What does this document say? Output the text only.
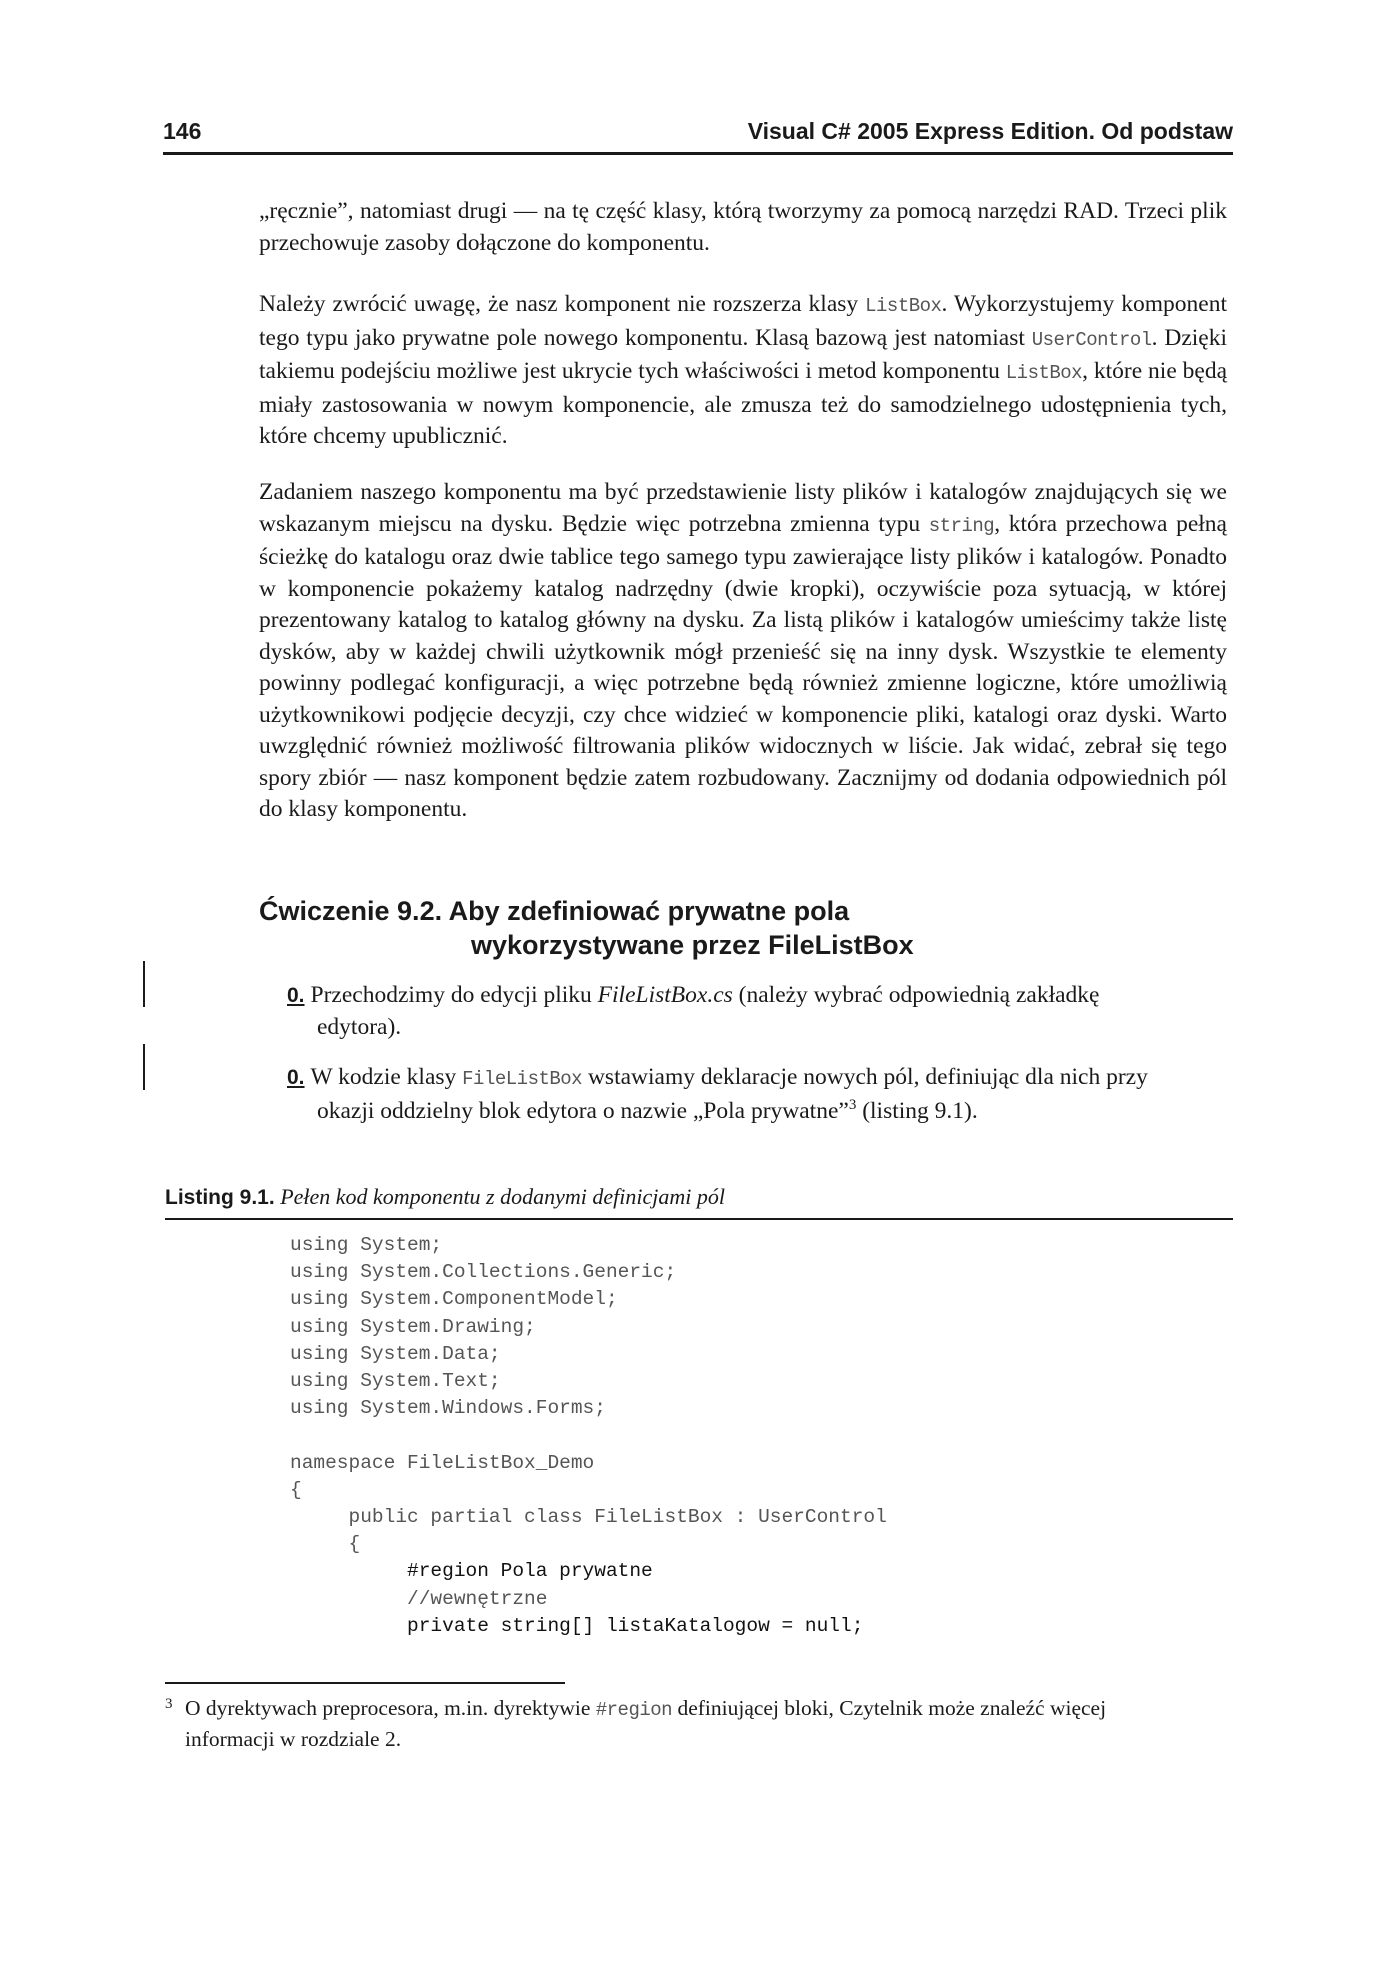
146	Visual C# 2005 Express Edition. Od podstaw

„ręcznie”, natomiast drugi — na tę część klasy, którą tworzymy za pomocą narzędzi RAD. Trzeci plik przechowuje zasoby dołączone do komponentu.

Należy zwrócić uwagę, że nasz komponent nie rozszerza klasy ListBox. Wykorzystujemy komponent tego typu jako prywatne pole nowego komponentu. Klasą bazową jest natomiast UserControl. Dzięki takiemu podejściu możliwe jest ukrycie tych właściwości i metod komponentu ListBox, które nie będą miały zastosowania w nowym komponencie, ale zmusza też do samodzielnego udostępnienia tych, które chcemy upublicznić.

Zadaniem naszego komponentu ma być przedstawienie listy plików i katalogów znajdujących się we wskazanym miejscu na dysku. Będzie więc potrzebna zmienna typu string, która przechowa pełną ścieżkę do katalogu oraz dwie tablice tego samego typu zawierające listy plików i katalogów. Ponadto w komponencie pokażemy katalog nadrzędny (dwie kropki), oczywiście poza sytuacją, w której prezentowany katalog to katalog główny na dysku. Za listą plików i katalogów umieścimy także listę dysków, aby w każdej chwili użytkownik mógł przenieść się na inny dysk. Wszystkie te elementy powinny podlegać konfiguracji, a więc potrzebne będą również zmienne logiczne, które umożliwią użytkownikowi podjęcie decyzji, czy chce widzieć w komponencie pliki, katalogi oraz dyski. Warto uwzględnić również możliwość filtrowania plików widocznych w liście. Jak widać, zebrał się tego spory zbiór — nasz komponent będzie zatem rozbudowany. Zacznijmy od dodania odpowiednich pól do klasy komponentu.

Ćwiczenie 9.2. Aby zdefiniować prywatne pola
wykorzystywane przez FileListBox
0. Przechodzimy do edycji pliku FileListBox.cs (należy wybrać odpowiednią zakładkę edytora).
0. W kodzie klasy FileListBox wstawiamy deklaracje nowych pól, definiując dla nich przy okazji oddzielny blok edytora o nazwie „Pola prywatne”$^3$ (listing 9.1).
Listing 9.1. Pełen kod komponentu z dodanymi definicjami pól
using System;
using System.Collections.Generic;
using System.ComponentModel;
using System.Drawing;
using System.Data;
using System.Text;
using System.Windows.Forms;

namespace FileListBox_Demo
{
public partial class FileListBox : UserControl
{
#region Pola prywatne
//wewnętrzne
private string[] listaKatalogow = null;
3 O dyrektywach preprocesora, m.in. dyrektywie #region definiującej bloki, Czytelnik może znaleźć więcej informacji w rozdziale 2.
